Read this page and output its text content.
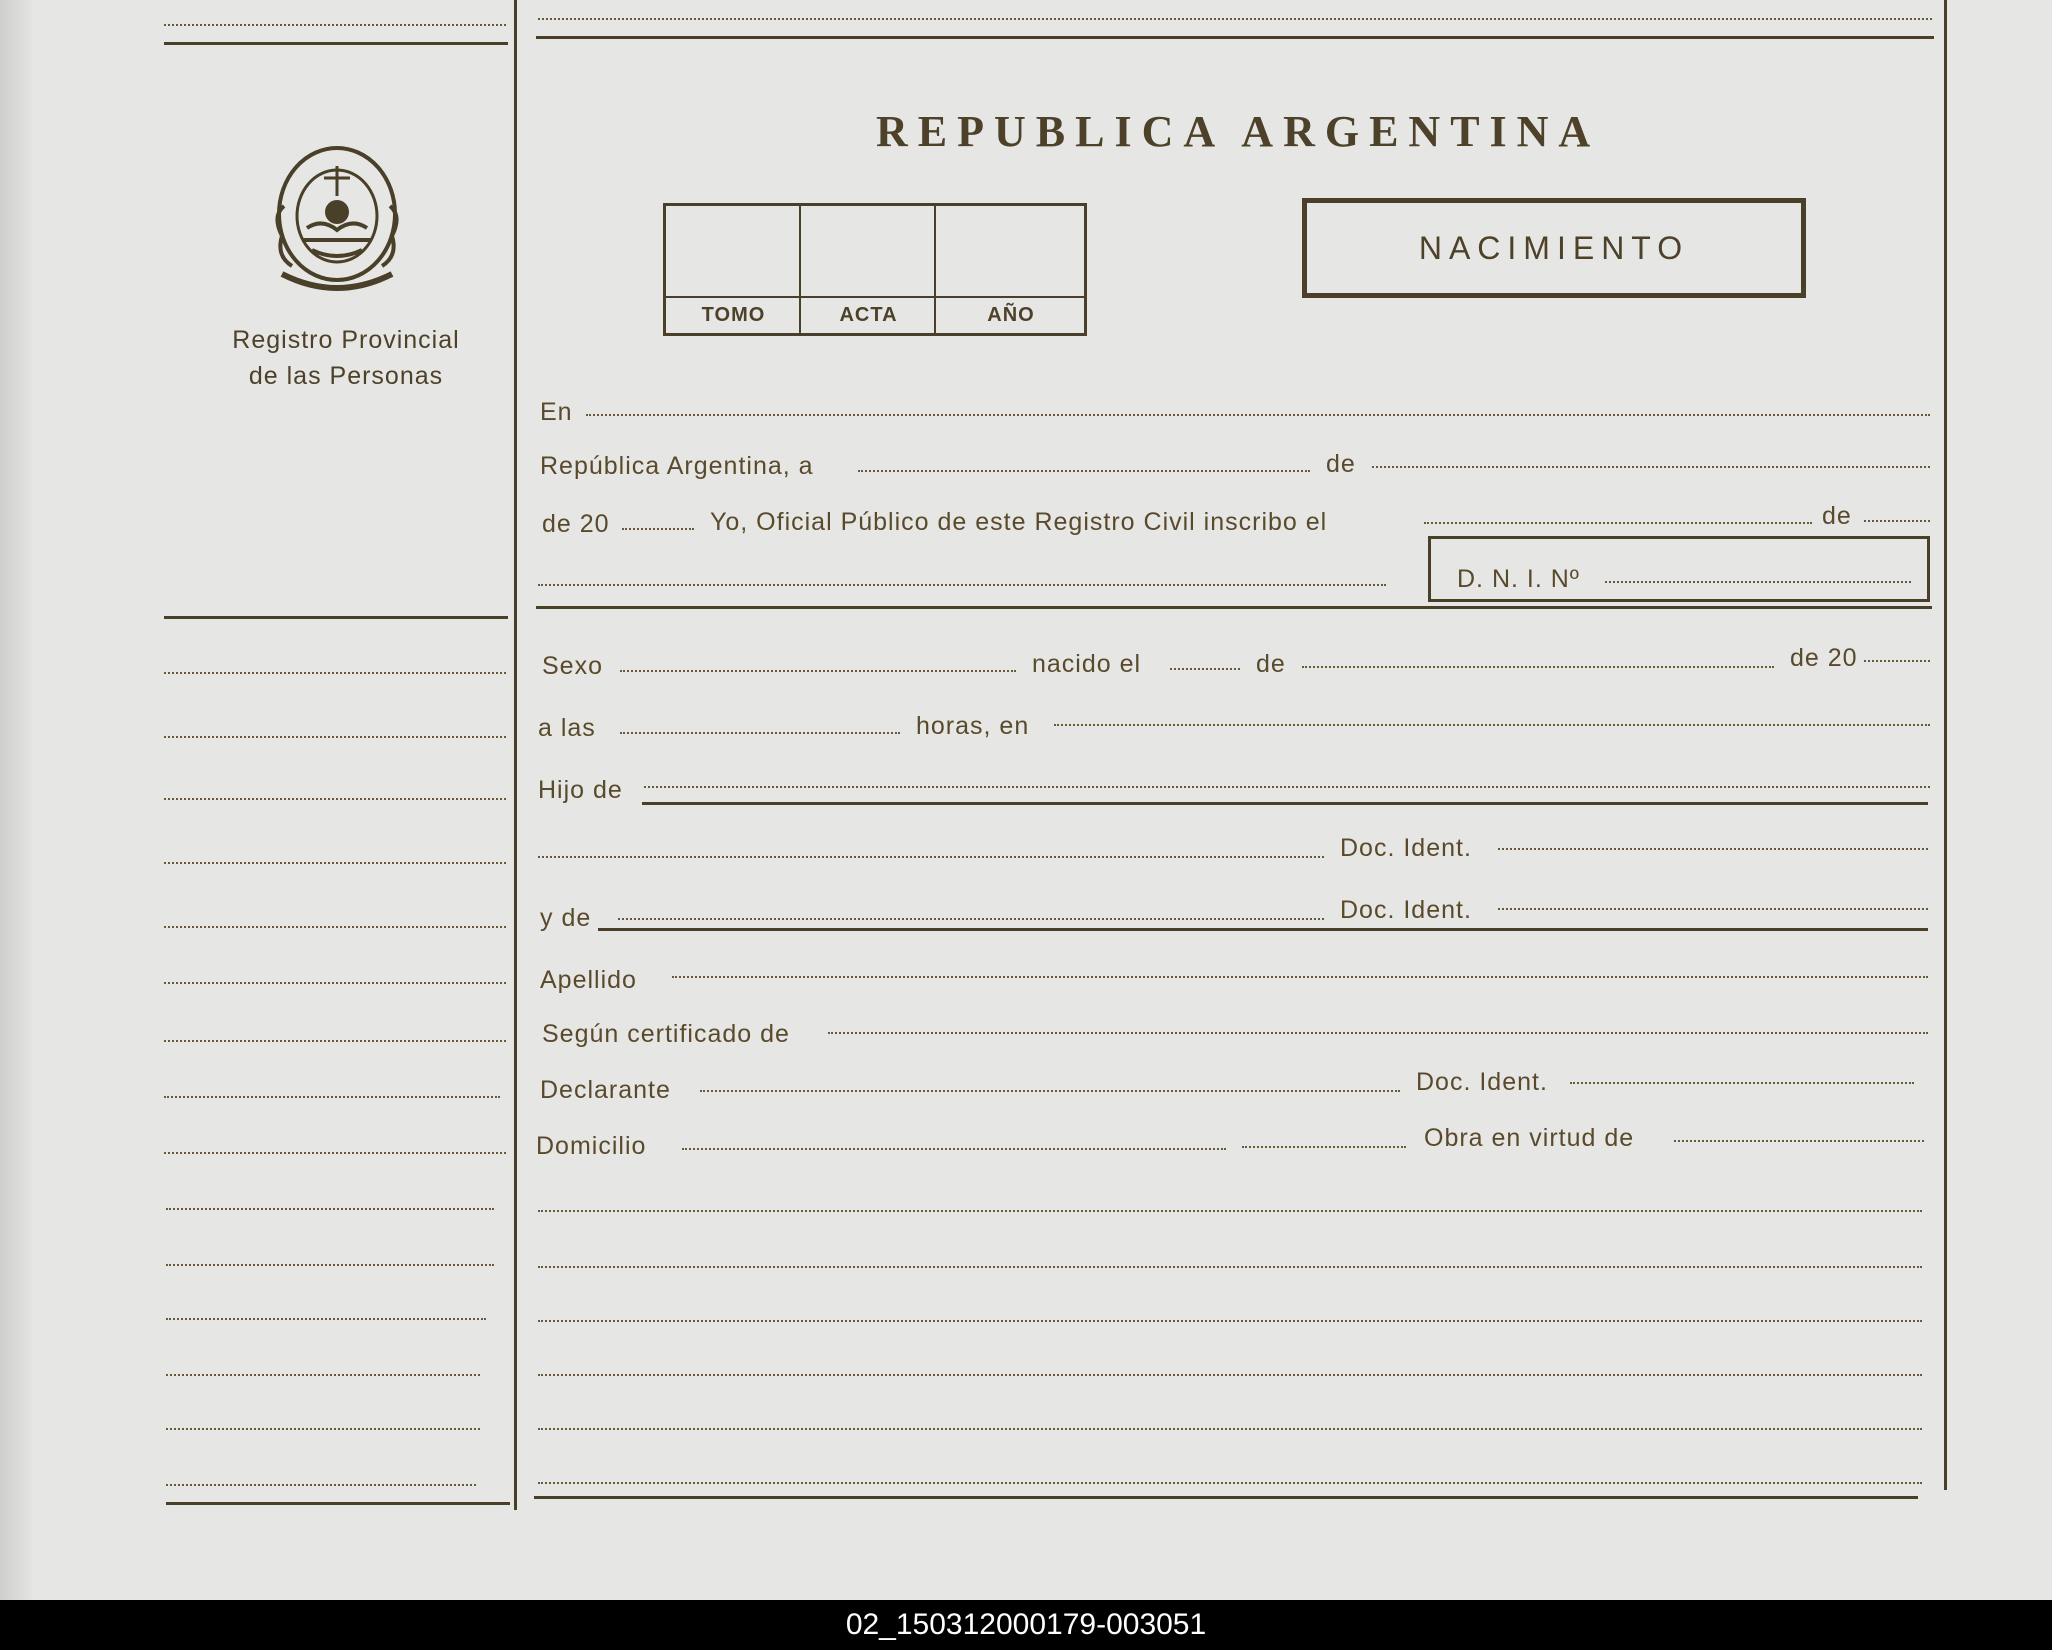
Registro Provincial
de las Personas
REPUBLICA ARGENTINA
TOMO	ACTA	AÑO
NACIMIENTO
En
República Argentina, a	de
de 20	Yo, Oficial Público de este Registro Civil inscribo el	de
D. N. I. Nº
Sexo	nacido el	de	de 20
a las	horas, en
Hijo de
Doc. Ident.
y de	Doc. Ident.
Apellido
Según certificado de
Declarante	Doc. Ident.
Domicilio	Obra en virtud de
02_150312000179-003051
